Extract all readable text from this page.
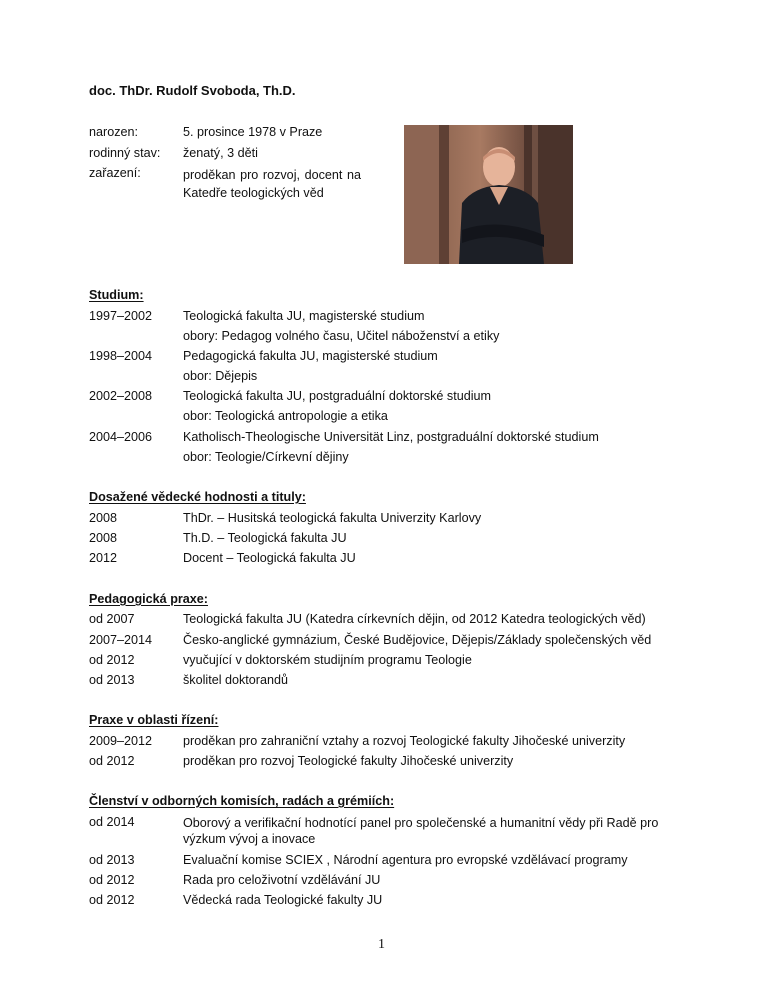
doc. ThDr. Rudolf Svoboda, Th.D.
narozen:	5. prosince 1978 v Praze
rodinný stav: ženatý, 3 děti
zařazení:	proděkan pro rozvoj, docent na Katedře teologických věd
Studium:
1997–2002 Teologická fakulta JU, magisterské studium
obory: Pedagog volného času, Učitel náboženství a etiky
1998–2004 Pedagogická fakulta JU, magisterské studium
obor: Dějepis
2002–2008 Teologická fakulta JU, postgraduální doktorské studium
obor: Teologická antropologie a etika
2004–2006 Katholisch-Theologische Universität Linz, postgraduální doktorské studium
obor: Teologie/Církevní dějiny
Dosažené vědecké hodnosti a tituly:
2008	ThDr. – Husitská teologická fakulta Univerzity Karlovy
2008	Th.D. – Teologická fakulta JU
2012	Docent – Teologická fakulta JU
Pedagogická praxe:
od 2007	Teologická fakulta JU (Katedra církevních dějin, od 2012 Katedra teologických věd)
2007–2014 Česko-anglické gymnázium, České Budějovice, Dějepis/Základy společenských věd
od 2012	vyučující v doktorském studijním programu Teologie
od 2013	školitel doktorandů
Praxe v oblasti řízení:
2009–2012 proděkan pro zahraniční vztahy a rozvoj Teologické fakulty Jihočeské univerzity
od 2012	proděkan pro rozvoj Teologické fakulty Jihočeské univerzity
Členství v odborných komisích, radách a grémiích:
od 2014	Oborový a verifikační hodnotící panel pro společenské a humanitní vědy při Radě pro výzkum vývoj a inovace
od 2013	Evaluační komise SCIEX , Národní agentura pro evropské vzdělávací programy
od 2012	Rada pro celoživotní vzdělávání JU
od 2012	Vědecká rada Teologické fakulty JU
1
